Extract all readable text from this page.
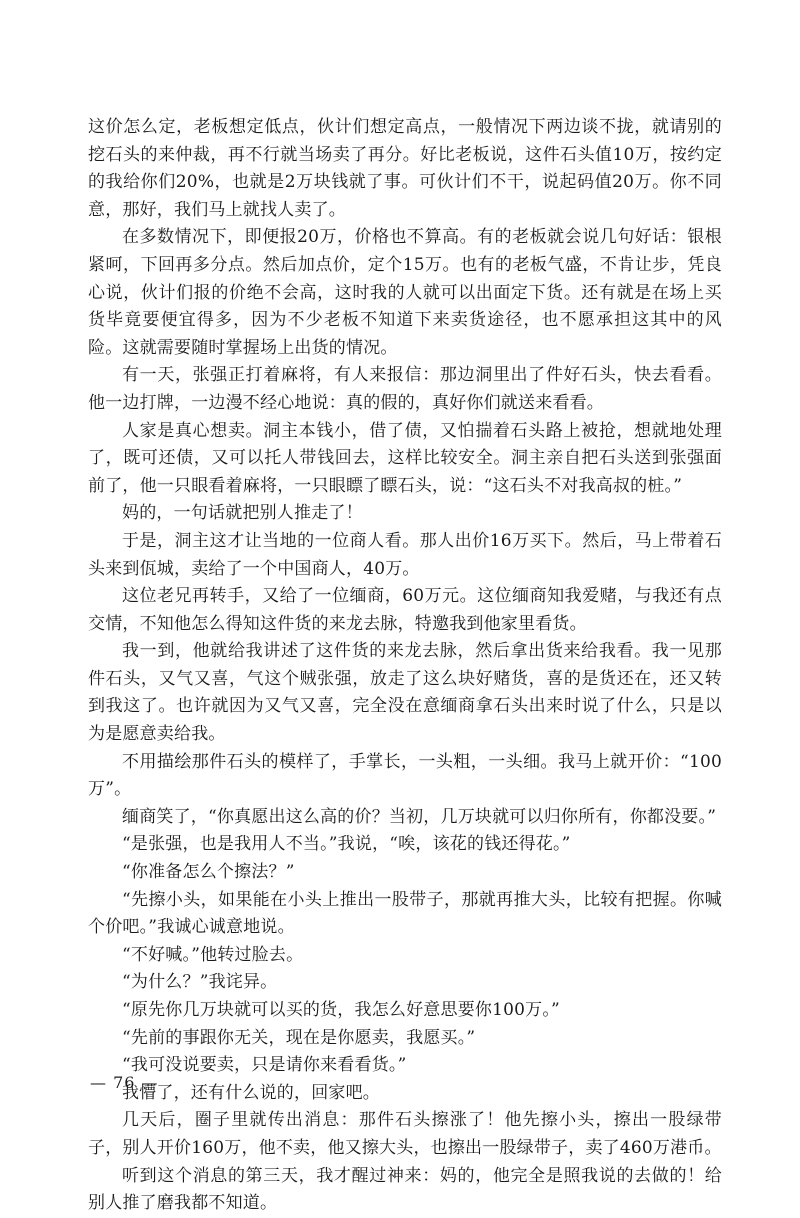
这价怎么定，老板想定低点，伙计们想定高点，一般情况下两边谈不拢，就请别的挖石头的来仲裁，再不行就当场卖了再分。好比老板说，这件石头值10万，按约定的我给你们20%，也就是2万块钱就了事。可伙计们不干，说起码值20万。你不同意，那好，我们马上就找人卖了。

在多数情况下，即便报20万，价格也不算高。有的老板就会说几句好话：银根紧呵，下回再多分点。然后加点价，定个15万。也有的老板气盛，不肯让步，凭良心说，伙计们报的价绝不会高，这时我的人就可以出面定下货。还有就是在场上买货毕竟要便宜得多，因为不少老板不知道下来卖货途径，也不愿承担这其中的风险。这就需要随时掌握场上出货的情况。

有一天，张强正打着麻将，有人来报信：那边洞里出了件好石头，快去看看。他一边打牌，一边漫不经心地说：真的假的，真好你们就送来看看。

人家是真心想卖。洞主本钱小，借了债，又怕揣着石头路上被抢，想就地处理了，既可还债，又可以托人带钱回去，这样比较安全。洞主亲自把石头送到张强面前了，他一只眼看着麻将，一只眼瞟了瞟石头，说：“这石头不对我高叔的桩。”

妈的，一句话就把别人推走了！

于是，洞主这才让当地的一位商人看。那人出价16万买下。然后，马上带着石头来到佤城，卖给了一个中国商人，40万。

这位老兄再转手，又给了一位缅商，60万元。这位缅商知我爱赌，与我还有点交情，不知他怎么得知这件货的来龙去脉，特邀我到他家里看货。

我一到，他就给我讲述了这件货的来龙去脉，然后拿出货来给我看。我一见那件石头，又气又喜，气这个贼张强，放走了这么块好赌货，喜的是货还在，还又转到我这了。也许就因为又气又喜，完全没在意缅商拿石头出来时说了什么，只是以为是愿意卖给我。

不用描绘那件石头的模样了，手掌长，一头粗，一头细。我马上就开价：“100万”。

缅商笑了，“你真愿出这么高的价？当初，几万块就可以归你所有，你都没要。”

“是张强，也是我用人不当。”我说，“唉，该花的钱还得花。”

“你准备怎么个擦法？”

“先擦小头，如果能在小头上推出一股带子，那就再推大头，比较有把握。你喊个价吧。”我诚心诚意地说。

“不好喊。”他转过脸去。

“为什么？”我诧异。

“原先你几万块就可以买的货，我怎么好意思要你100万。”

“先前的事跟你无关，现在是你愿卖，我愿买。”

“我可没说要卖，只是请你来看看货。”

我懵了，还有什么说的，回家吧。

几天后，圈子里就传出消息：那件石头擦涨了！他先擦小头，擦出一股绿带子，别人开价160万，他不卖，他又擦大头，也擦出一股绿带子，卖了460万港币。

听到这个消息的第三天，我才醒过神来：妈的，他完全是照我说的去做的！给别人推了磨我都不知道。

— 76 —
